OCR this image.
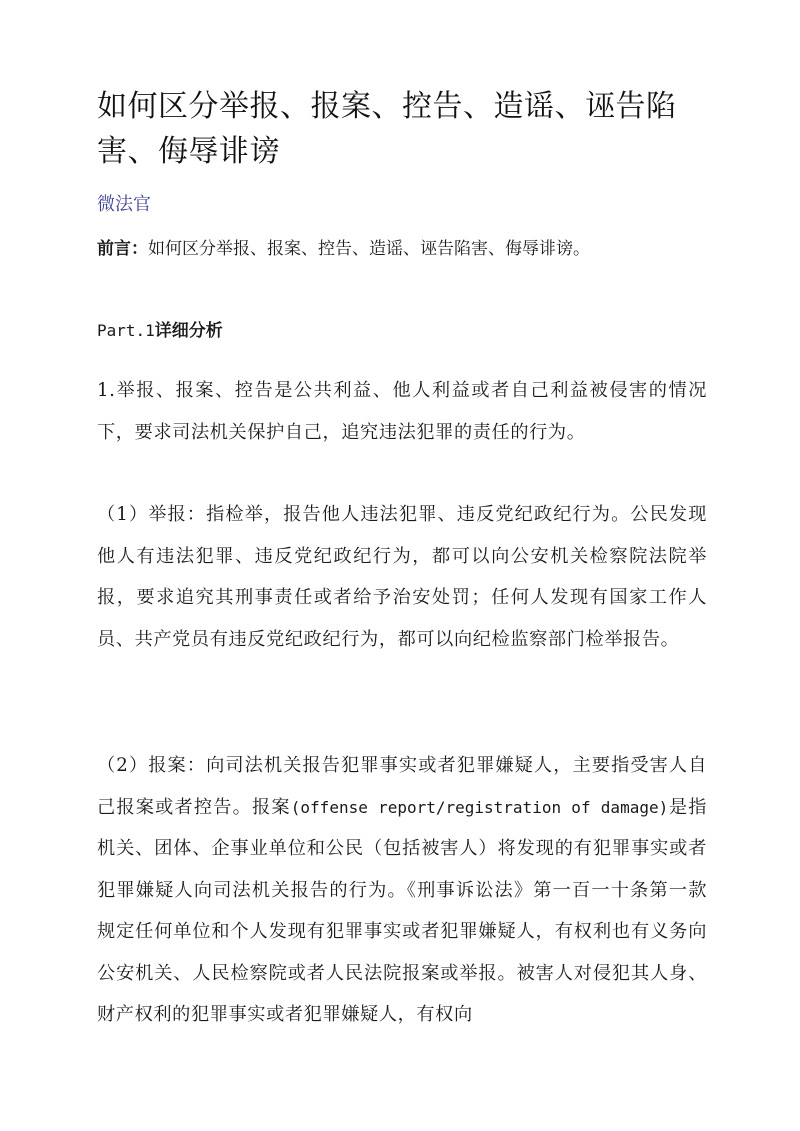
如何区分举报、报案、控告、造谣、诬告陷害、侮辱诽谤
微法官
前言：如何区分举报、报案、控告、造谣、诬告陷害、侮辱诽谤。
Part.1详细分析

1.举报、报案、控告是公共利益、他人利益或者自己利益被侵害的情况下，要求司法机关保护自己，追究违法犯罪的责任的行为。

（1）举报：指检举，报告他人违法犯罪、违反党纪政纪行为。公民发现他人有违法犯罪、违反党纪政纪行为，都可以向公安机关检察院法院举报，要求追究其刑事责任或者给予治安处罚；任何人发现有国家工作人员、共产党员有违反党纪政纪行为，都可以向纪检监察部门检举报告。

（2）报案：向司法机关报告犯罪事实或者犯罪嫌疑人，主要指受害人自己报案或者控告。报案(offense report/registration of damage)是指机关、团体、企事业单位和公民（包括被害人）将发现的有犯罪事实或者犯罪嫌疑人向司法机关报告的行为。《刑事诉讼法》第一百一十条第一款 规定任何单位和个人发现有犯罪事实或者犯罪嫌疑人，有权利也有义务向公安机关、人民检察院或者人民法院报案或举报。被害人对侵犯其人身、财产权利的犯罪事实或者犯罪嫌疑人，有权向
